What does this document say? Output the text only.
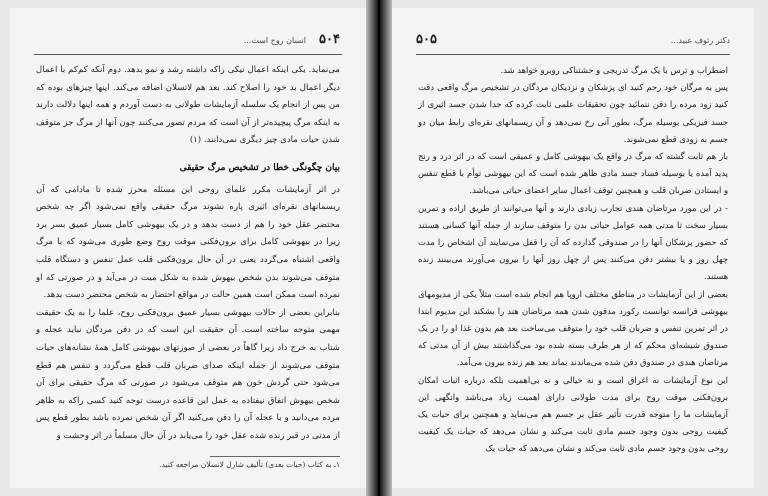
۵۰۴
انسان روح است...

می‌نماید. یکی اینکه اعمال نیکی راکه داشته رشد و نمو بدهد. دوم آنکه کم‌کم با اعمال دیگر اعمال بد خود را اصلاح کند. بعد هم لاتسلان اضافه می‌کند. اینها چیزهای بوده که من پس از انجام یک سلسله آزمایشات طولانی به دست آوردم و همه اینها دلالت دارند به اینکه مرگ پیچیده‌تر از آن است که مردم تصور می‌کنند چون آنها از مرگ جز متوقف شدن حیات مادی چیز دیگری نمی‌دانند. (۱)

بیان چگونگی خطا در تشخیص مرگ حقیقی

در اثر آزمایشات مکرر علمای روحی این مسئله محرز شده تا مادامی که آن ریسمانهای نقره‌ای اثیری پاره نشوند مرگ حقیقی واقع نمی‌شود اگر چه شخص محتضر عقل خود را هم از دست بدهد و در یک بیهوشی کامل بسیار عمیق بسر برد زیرا در بیهوشی کامل برای برون‌فکنی موقت روح وضع طوری می‌شود که با مرگ واقعی اشتباه می‌گردد یعنی در آن حال برون‌فکنی قلب عمل تنفس و دستگاه قلب متوقف می‌شوند بدن شخص بیهوش شده به شکل میت در می‌آید و در صورتی که او نمرده است ممکن است همین حالت در مواقع احتضار به شخص محتضر دست بدهد.

بنابراین بعضی از حالات بیهوشی بسیار عمیق برون‌فکنی روح، علما را به یک حقیقت مهمی متوجه ساخته است. آن حقیقت این است که در دفن مردگان نباید عجله و شتاب به خرج داد زیرا گاهاً در بعضی از صورتهای بیهوشی کامل همهٔ نشانه‌های حیات متوقف می‌شوند از جمله اینکه صدای ضربان قلب قطع می‌گردد و تنفس هم قطع می‌شود حتی گردش خون هم متوقف می‌شود در صورتی که مرگ حقیقی برای آن شخص بیهوش اتفاق نیفتاده به عمل این قاعده درست توجه کنید کسی راکه به ظاهر مرده می‌دانید و با عجله آن را دفن می‌کنید اگر آن شخص نمرده باشد بطور قطع پس از مدتی در قبر زنده شده عقل خود را می‌یابد در آن حال مسلماً در اثر وحشت و

۱ـ به کتاب (حیات بعدی) تألیف شارل لانسلان مراجعه کنید.
دکتر رئوف عبید...
۵۰۵

اضطراب و ترس با یک مرگ تدریجی و حشتناکی روبرو خواهد شد.

پس به مرگان خود رحم کنید ای پزشکان و نزدیکان مردگان در تشخیص مرگ واقعی دقت کنید زود مرده را دفن ننمائید چون تحقیقات علمی ثابت کرده که جدا شدن جسد اثیری از جسد فیزیکی بوسیله مرگ، بطور آنی رخ نمی‌دهد و آن ریسمانهای نقره‌ای رابط میان دو جسم به زودی قطع نمی‌شوند.

باز هم ثابت گشته که مرگ در واقع یک بیهوشی کامل و عمیقی است که در اثر درد و رنج پدید آمده یا بوسیله فساد جسد مادی ظاهر شده است که این بیهوشی توأم با قطع تنفس و ایستادن ضربان قلب و همچنین توقف اعمال سایر اعضای حیاتی می‌باشد.

- در این مورد مرتاضان هندی تجارب زیادی دارند و آنها می‌توانند از طریق اراده و تمرین بسیار سخت تا مدتی همه عوامل حیاتی بدن را متوقف سازند از جمله آنها کسانی هستند که حضور پزشکان آنها را در صندوقی گذارده که آن را قفل می‌نمایند آن اشخاص را مدت چهل روز و یا بیشتر دفن می‌کنند پس از چهل روز آنها را بیرون می‌آورند می‌بینند زنده هستند.

بعضی از این آزمایشات در مناطق مختلف اروپا هم انجام شده است مثلاً یکی از مدیومهای بیهوشی فرانسه توانست رکورد مدفون شدن همه مرتاضان هند را بشکند این مدیوم ابتدا در اثر تمرین تنفس و ضربان قلب خود را متوقف می‌ساخت بعد هم بدون غذا او را در یک صندوق شیشه‌ای محکم که از هر طرف بسته شده بود می‌گذاشتند بیش از آن مدتی که مرتاضان هندی در صندوق دفن شده می‌ماندند بماند بعد هم زنده بیرون می‌آمد.

این نوع آزمایشات نه اغراق است و نه خیالی و نه بی‌اهمیت بلکه درباره اثبات امکان برون‌فکنی موقت روح برای مدت طولانی دارای اهمیت زیاد می‌باشد وانگهی این آزمایشات ما را متوجه قدرت تأثیر عقل بر جسم هم می‌نماید و همچنین برای حیات یک کیفیت روحی بدون وجود جسم مادی ثابت می‌کند و نشان می‌دهد که حیات یک کیفیت روحی بدون وجود جسم مادی ثابت می‌کند و نشان می‌دهد که حیات یک
